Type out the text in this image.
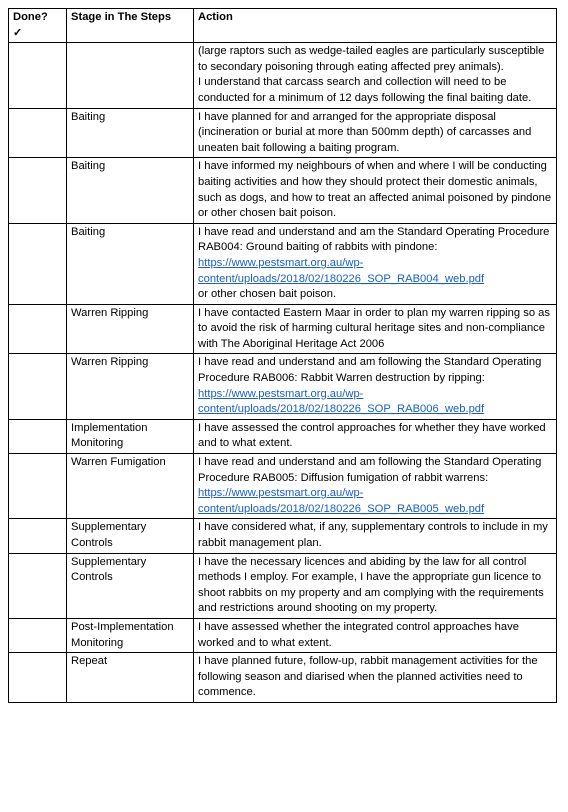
Done?
✓	Stage in The Steps	Action

		(large raptors such as wedge-tailed eagles are particularly susceptible to secondary poisoning through eating affected prey animals).
I understand that carcass search and collection will need to be conducted for a minimum of 12 days following the final baiting date.

	Baiting	I have planned for and arranged for the appropriate disposal (incineration or burial at more than 500mm depth) of carcasses and uneaten bait following a baiting program.

	Baiting	I have informed my neighbours of when and where I will be conducting baiting activities and how they should protect their domestic animals, such as dogs, and how to treat an affected animal poisoned by pindone or other chosen bait poison.

	Baiting	I have read and understand and am the Standard Operating Procedure RAB004: Ground baiting of rabbits with pindone:
https://www.pestsmart.org.au/wp-content/uploads/2018/02/180226_SOP_RAB004_web.pdf
or other chosen bait poison.

	Warren Ripping	I have contacted Eastern Maar in order to plan my warren ripping so as to avoid the risk of harming cultural heritage sites and non-compliance with The Aboriginal Heritage Act 2006

	Warren Ripping	I have read and understand and am following the Standard Operating Procedure RAB006: Rabbit Warren destruction by ripping:
https://www.pestsmart.org.au/wp-content/uploads/2018/02/180226_SOP_RAB006_web.pdf

	Implementation Monitoring	I have assessed the control approaches for whether they have worked and to what extent.

	Warren Fumigation	I have read and understand and am following the Standard Operating Procedure RAB005: Diffusion fumigation of rabbit warrens:
https://www.pestsmart.org.au/wp-content/uploads/2018/02/180226_SOP_RAB005_web.pdf

	Supplementary Controls	I have considered what, if any, supplementary controls to include in my rabbit management plan.

	Supplementary Controls	I have the necessary licences and abiding by the law for all control methods I employ. For example, I have the appropriate gun licence to shoot rabbits on my property and am complying with the requirements and restrictions around shooting on my property.

	Post-Implementation Monitoring	I have assessed whether the integrated control approaches have worked and to what extent.

	Repeat	I have planned future, follow-up, rabbit management activities for the following season and diarised when the planned activities need to commence.
